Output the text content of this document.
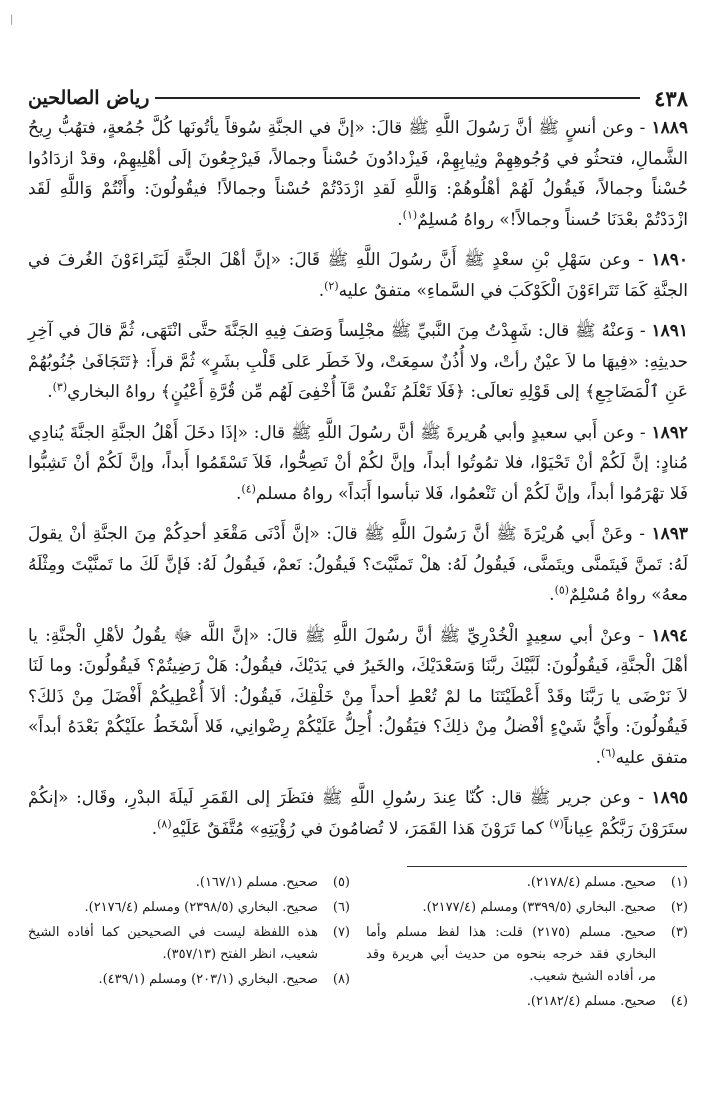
|
٤٣٨
رياض الصالحين

١٨٨٩ - وعن أنسٍ ﷺ أنَّ رَسُولَ اللَّهِ ﷺ قالَ: «إنَّ في الجنَّةِ سُوقاً يأتُونَها كُلَّ جُمُعةٍ، فتهُبُّ رِيحُ الشَّمالِ، فتحثُو في وُجُوهِهِمْ وثِيابِهِمْ، فَيزْدادُونَ حُسْناً وجمالاً، فَيرْجِعُونَ إلَى أهْلِيهِمْ، وقدْ ازدَادُوا حُسْناً وجمالاً، فَيقُولُ لَهُمْ أهْلُوهُمْ: وَاللَّهِ لَقدِ ازْدَدْتُمْ حُسْناً وجمالاً! فيقُولُونَ: وأَنْتُمْ وَاللَّهِ لَقَد ازْدَدْتُمْ بعْدَنَا حُسناً وجمالاً!» رواهُ مُسلِمٌ$^{(١)}$.

١٨٩٠ - وعن سَهْلِ بْنِ سعْدٍ ﷺ أَنَّ رسُولَ اللَّهِ ﷺ قَالَ: «إنَّ أهْلَ الجنَّةِ لَيَتَراءَوْنَ الغُرفَ في الجنَّةِ كَمَا تَتَراءَوْنَ الْكَوْكَبَ في السَّماءِ» متفقٌ عليه$^{(٢)}$.

١٨٩١ - وَعنْهُ ﷺ قال: شَهِدْتُ مِنَ النَّبيِّ ﷺ مجْلِساً وَصَفَ فِيهِ الجَنَّةَ حتَّى انْتَهَى، ثُمَّ قالَ في آخِرِ حديثِهِ: «فِيهَا ما لاَ عيْنٌ رأتْ، ولا أُذُنٌ سمِعَتْ، ولاَ خَطَر عَلى قَلْبِ بشَرٍ» ثُمَّ قرأَ: ﴿تَتَجَافَىٰ جُنُوبُهُمْ عَنِ ٱلْمَضَاجِعِ﴾ إلى قَوْلِهِ تعالَى: ﴿فَلَا تَعْلَمُ نَفْسٌ مَّآ أُخْفِىَ لَهُم مِّن قُرَّةِ أَعْيُنٍ﴾ رواهُ البخاري$^{(٣)}$.

١٨٩٢ - وعن أَبي سعيدٍ وأبي هُريرةَ ﷺ أنَّ رسُولَ اللَّهِ ﷺ قال: «إذَا دخَلَ أَهْلُ الجنَّةِ الجنَّةَ يُنادِي مُنادٍ: إنَّ لَكُمْ أنْ تَحْيَوْا، فلا تمُوتُوا أبداً، وإنَّ لكُمْ أنْ تَصِحُّوا، فَلاَ تَسْقَمُوا أَبداً، وإنَّ لَكُمْ أنْ تَشِبُّوا فَلا تهْرَمُوا أبداً، وإنَّ لَكُمْ أن تَنْعمُوا، فَلا تبأسوا أَبَداً» رواهُ مسلم$^{(٤)}$.

١٨٩٣ - وعَنْ أَبي هُريْرَةَ ﷺ أنَّ رَسُولَ اللَّهِ ﷺ قالَ: «إنَّ أَدْنَى مَقْعَدِ أحدِكُمْ مِنَ الجنَّةِ أنْ يقولَ لَهُ: تَمنَّ فَيتَمنَّى ويتَمنَّى، فَيقُولُ لَهُ: هلْ تَمنَّيْتَ؟ فَيقُولُ: نَعمْ، فَيقُولُ لَهُ: فَإنَّ لَكَ ما تَمنَّيْتَ ومِثْلَهُ معهُ» رواهُ مُسْلِمٌ$^{(٥)}$.

١٨٩٤ - وعنْ أبي سعِيدٍ الْخُدْرِيِّ ﷺ أنَّ رسُولَ اللَّهِ ﷺ قالَ: «إنَّ اللَّه ﷻ يقُولُ لأهْلِ الْجنَّةِ: يا أهْلَ الْجنَّةِ، فَيقُولُونَ: لَبَّيْكَ ربَّنَا وَسَعْدَيْكَ، والخَيرُ في يَدَيْكَ، فيقُولُ: هَلْ رَضِيتُمْ؟ فَيقُولُونَ: وما لَنَا لاَ نَرْضَى يا رَبَّنَا وقَدْ أَعْطَيْتَنَا ما لمْ تُعْطِ أحداً مِنْ خَلْقِكَ، فَيقُولُ: ألاَ أُعْطِيكُمْ أَفْضَلَ مِنْ ذَلكَ؟ فَيقُولُونَ: وأَيُّ شَيْءٍ أفْضلُ مِنْ ذلِكَ؟ فيَقُولُ: أُحِلُّ عَلَيْكُمْ رِضْوانِي، فَلا أَسْخَطُ علَيْكُمْ بَعْدَهُ أبداً» متفق عليه$^{(٦)}$.

١٨٩٥ - وعن جرير ﷺ قال: كُنّا عِندَ رسُولِ اللَّهِ ﷺ فنَظَرَ إلى القَمَرِ لَيلَةَ البدْرِ، وقَال: «إنكُمْ ستَرَوْنَ رَبَّكُمْ عِياناً$^{(٧)}$ كما تَرَوْنَ هَذا القَمَرَ، لا تُضامُونَ في رُؤْيَتِهِ» مُتَّفَقٌ عَلَيْهِ$^{(٨)}$.

(١)
صحيح. مسلم (٢١٧٨/٤).
(٢)
صحيح. البخاري (٣٣٩٩/٥) ومسلم (٢١٧٧/٤).
(٣)
صحيح. مسلم (٢١٧٥) قلت: هذا لفظ مسلم وأما البخاري فقد خرجه بنحوه من حديث أبي هريرة وقد مر، أفاده الشيخ شعيب.
(٤)
صحيح. مسلم (٢١٨٢/٤).
(٥)
صحيح. مسلم (١٦٧/١).
(٦)
صحيح. البخاري (٢٣٩٨/٥) ومسلم (٢١٧٦/٤).
(٧)
هذه اللفظة ليست في الصحيحين كما أفاده الشيخ شعيب، انظر الفتح (٣٥٧/١٣).
(٨)
صحيح. البخاري (٢٠٣/١) ومسلم (٤٣٩/١).
